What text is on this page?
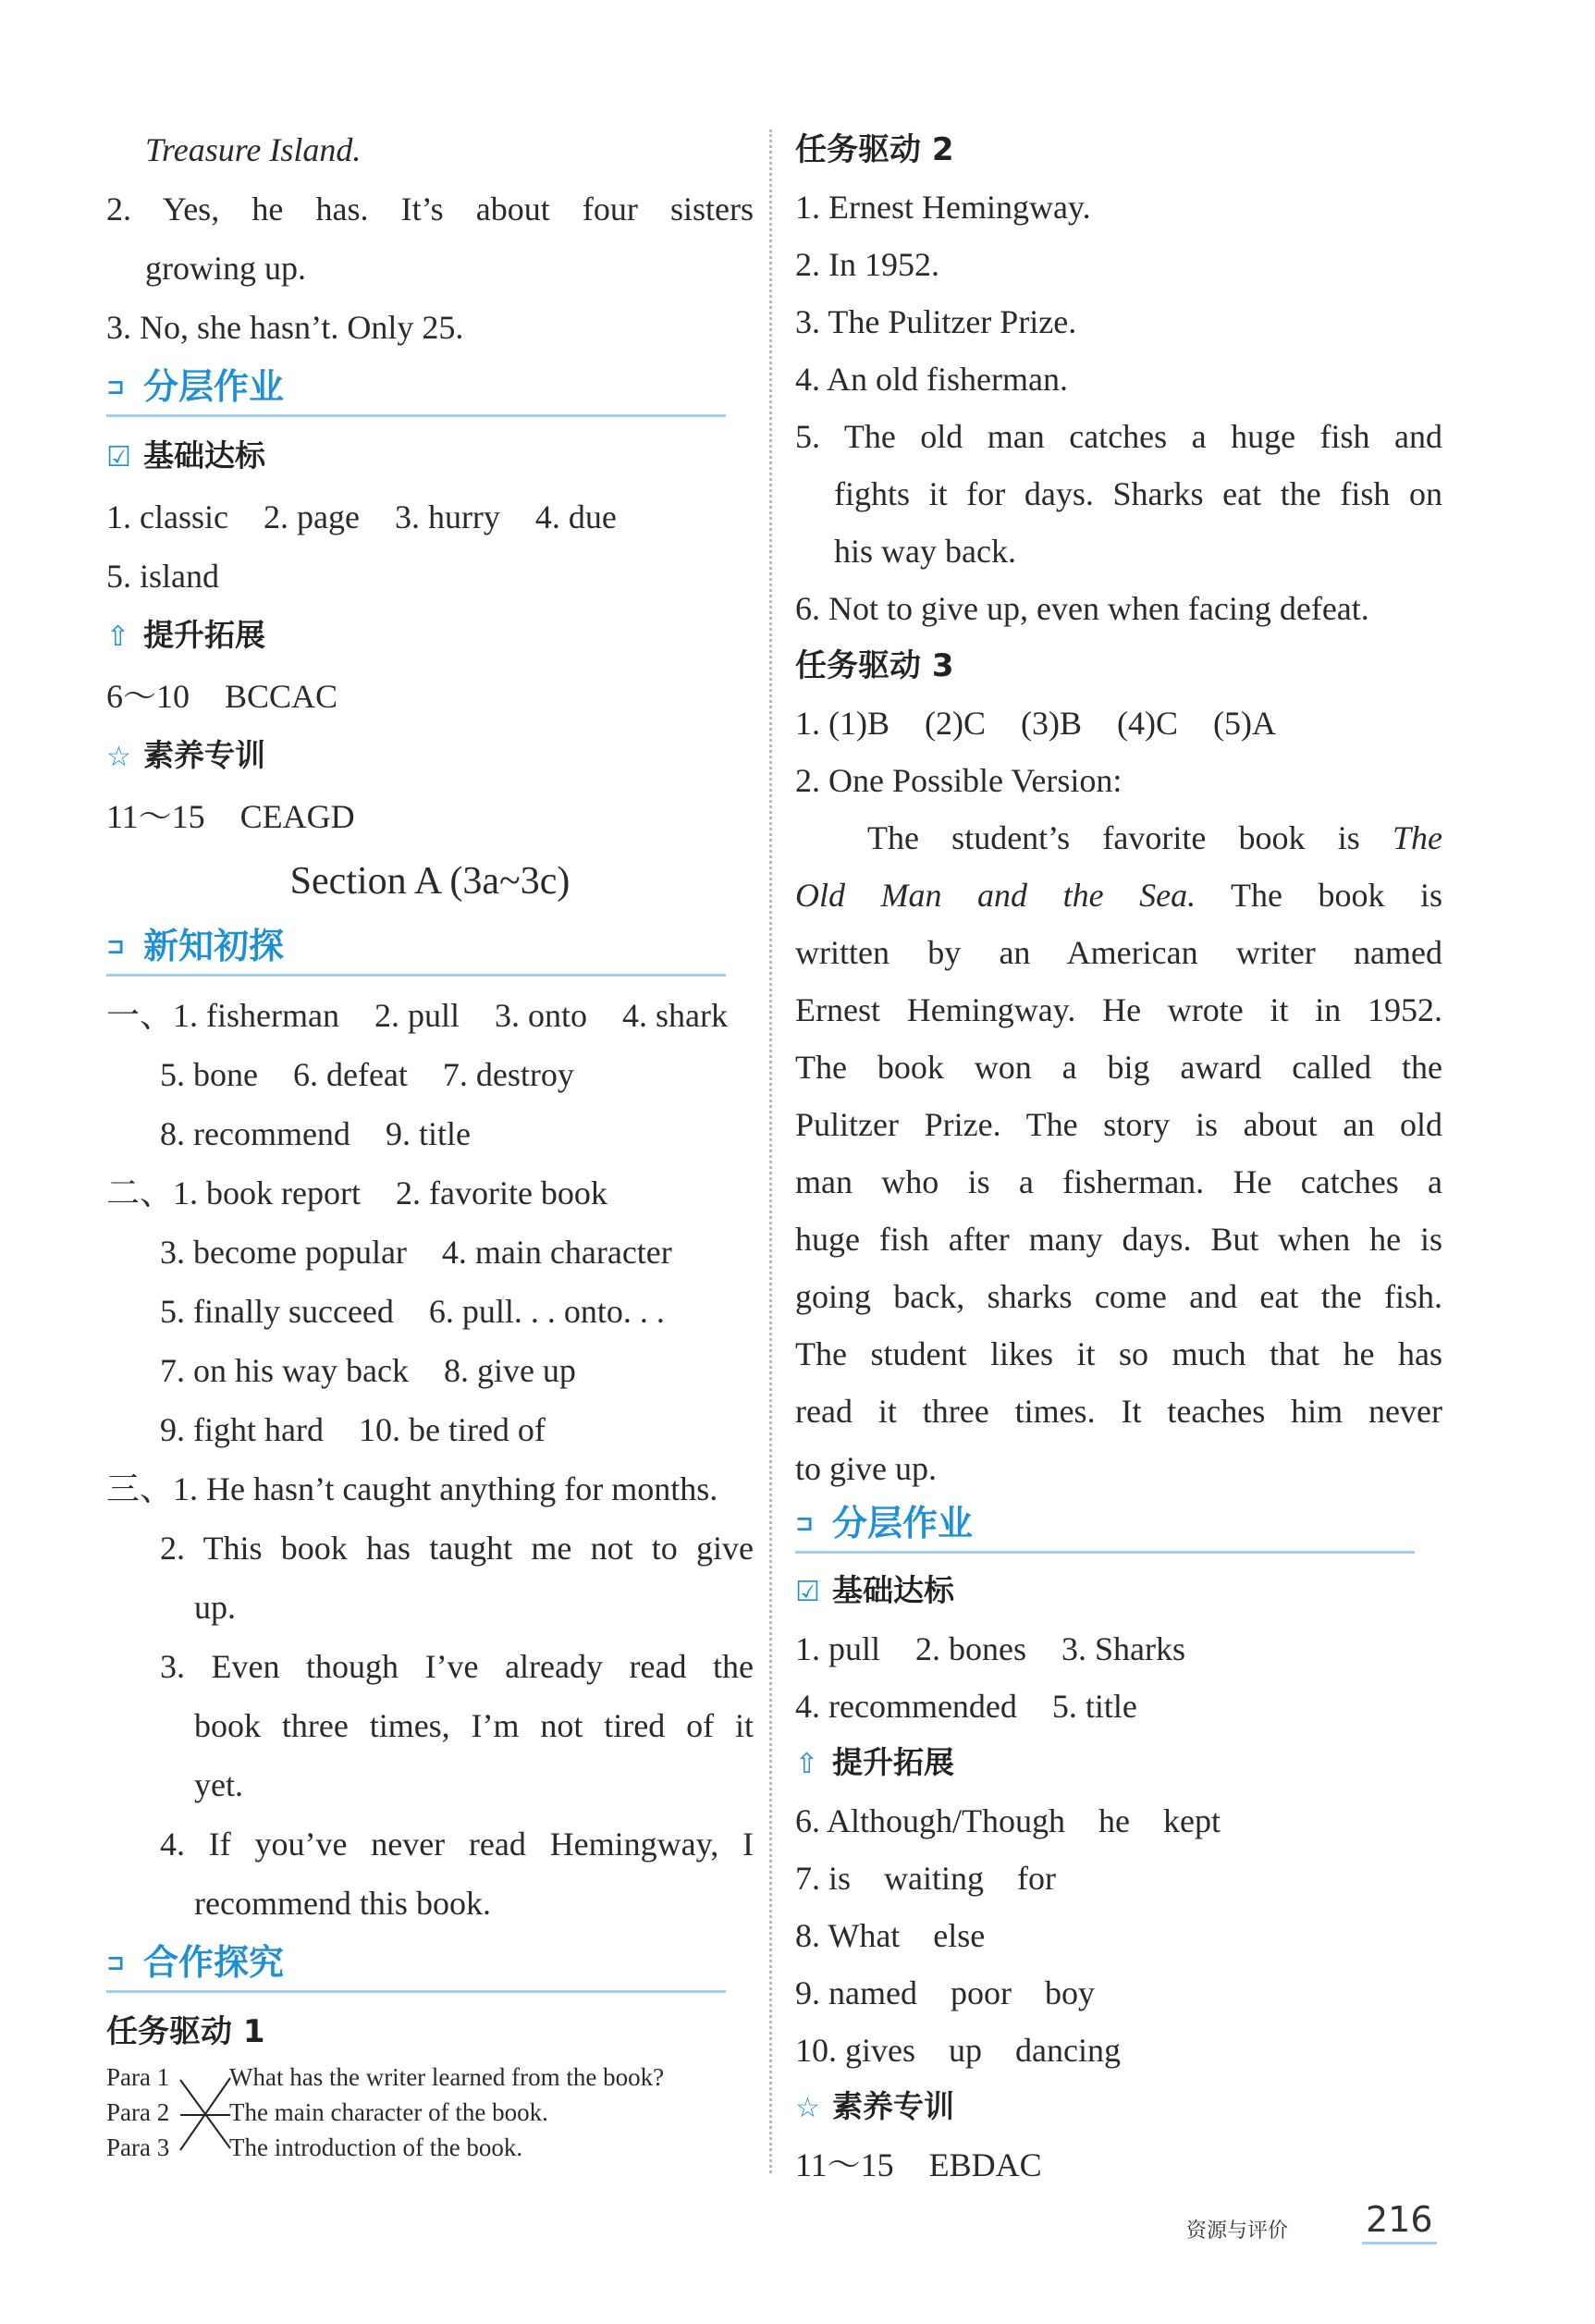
Treasure Island.
2. Yes, he has. It’s about four sisters
growing up.
3. No, she hasn’t. Only 25.
⊐ 分层作业
☑ 基础达标
1. classic 2. page 3. hurry 4. due
5. island
⇧ 提升拓展
6～10 BCCAC
☆ 素养专训
11～15 CEAGD
Section A (3a~3c)
⊐ 新知初探
一、1. fisherman 2. pull 3. onto 4. shark
5. bone 6. defeat 7. destroy
8. recommend 9. title
二、1. book report 2. favorite book
3. become popular 4. main character
5. finally succeed 6. pull. . . onto. . .
7. on his way back 8. give up
9. fight hard 10. be tired of
三、1. He hasn’t caught anything for months.
2. This book has taught me not to give
up.
3. Even though I’ve already read the
book three times, I’m not tired of it
yet.
4. If you’ve never read Hemingway, I
recommend this book.
⊐ 合作探究
任务驱动 1
Para 1
Para 2
Para 3
What has the writer learned from the book?
The main character of the book.
The introduction of the book.
任务驱动 2
1. Ernest Hemingway.
2. In 1952.
3. The Pulitzer Prize.
4. An old fisherman.
5. The old man catches a huge fish and
fights it for days. Sharks eat the fish on
his way back.
6. Not to give up, even when facing defeat.
任务驱动 3
1. (1)B (2)C (3)B (4)C (5)A
2. One Possible Version:
The student’s favorite book is The
Old Man and the Sea. The book is
written by an American writer named
Ernest Hemingway. He wrote it in 1952.
The book won a big award called the
Pulitzer Prize. The story is about an old
man who is a fisherman. He catches a
huge fish after many days. But when he is
going back, sharks come and eat the fish.
The student likes it so much that he has
read it three times. It teaches him never
to give up.
⊐ 分层作业
☑ 基础达标
1. pull 2. bones 3. Sharks
4. recommended 5. title
⇧ 提升拓展
6. Although/Though    he    kept
7. is    waiting    for
8. What    else
9. named    poor    boy
10. gives    up    dancing
☆ 素养专训
11～15 EBDAC
资源与评价 216
